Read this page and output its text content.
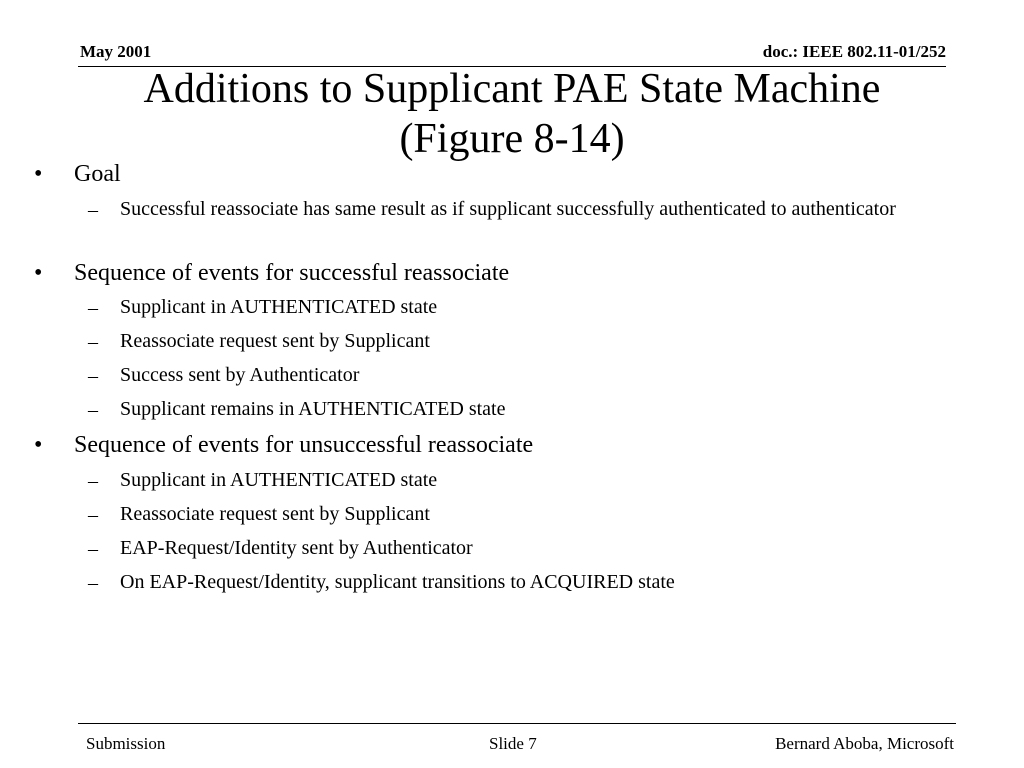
May 2001	doc.: IEEE 802.11-01/252
Additions to Supplicant PAE State Machine
(Figure 8-14)
• Goal
– Successful reassociate has same result as if supplicant successfully authenticated to authenticator
• Sequence of events for successful reassociate
– Supplicant in AUTHENTICATED state
– Reassociate request sent by Supplicant
– Success sent by Authenticator
– Supplicant remains in AUTHENTICATED state
• Sequence of events for unsuccessful reassociate
– Supplicant in AUTHENTICATED state
– Reassociate request sent by Supplicant
– EAP-Request/Identity sent by Authenticator
– On EAP-Request/Identity, supplicant transitions to ACQUIRED state
Submission	Slide 7	Bernard Aboba, Microsoft
